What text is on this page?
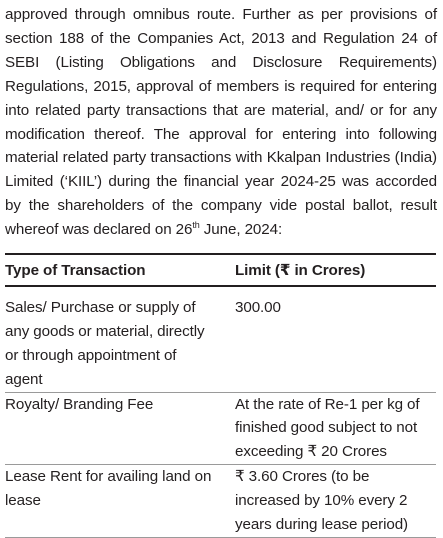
approved through omnibus route. Further as per provisions of section 188 of the Companies Act, 2013 and Regulation 24 of SEBI (Listing Obligations and Disclosure Requirements) Regulations, 2015, approval of members is required for entering into related party transactions that are material, and/ or for any modification thereof. The approval for entering into following material related party transactions with Kkalpan Industries (India) Limited (‘KIIL’) during the financial year 2024-25 was accorded by the shareholders of the company vide postal ballot, result whereof was declared on 26th June, 2024:

Type of Transaction	Limit (₹ in Crores)
Sales/ Purchase or supply of any goods or material, directly or through appointment of agent	300.00
Royalty/ Branding Fee	At the rate of Re-1 per kg of finished good subject to not exceeding ₹ 20 Crores
Lease Rent for availing land on lease	₹ 3.60 Crores (to be increased by 10% every 2 years during lease period)
